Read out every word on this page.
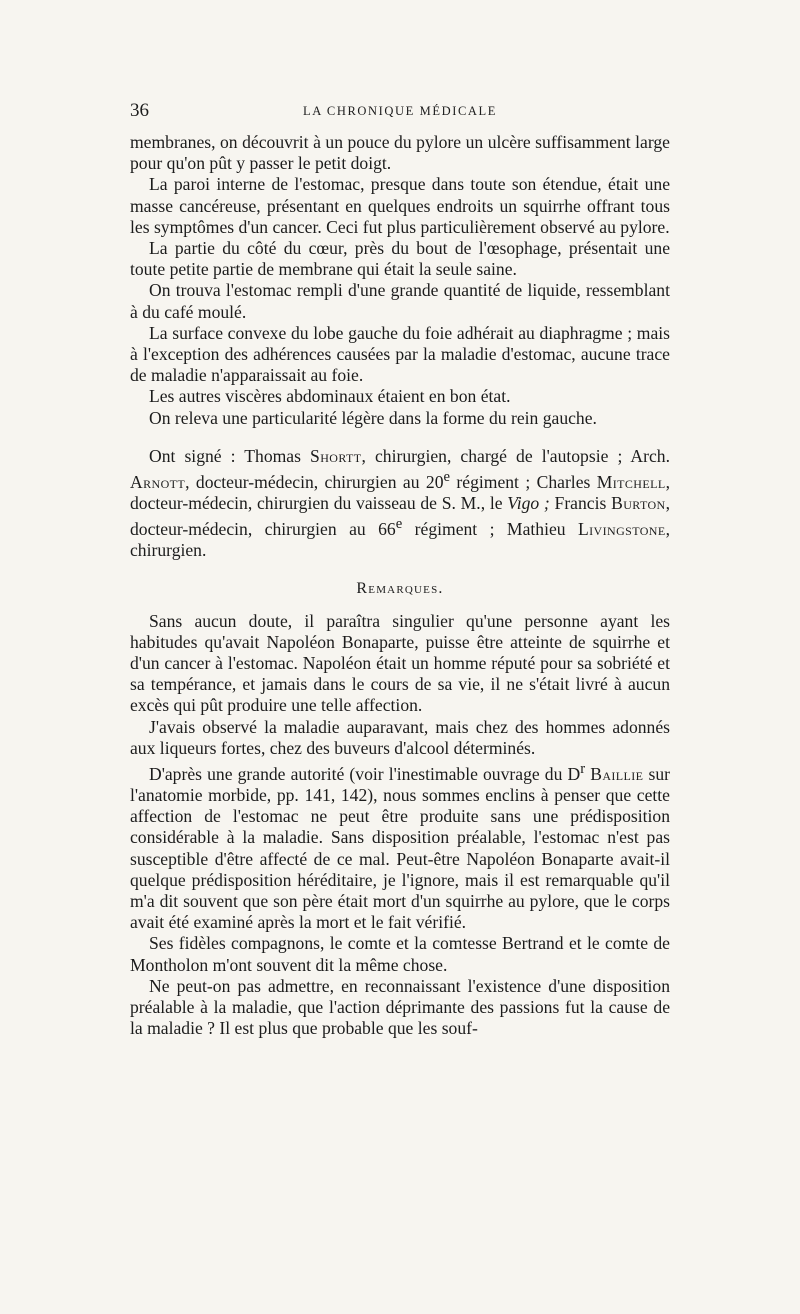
36	LA CHRONIQUE MÉDICALE

membranes, on découvrit à un pouce du pylore un ulcère suffisamment large pour qu'on pût y passer le petit doigt.

La paroi interne de l'estomac, presque dans toute son étendue, était une masse cancéreuse, présentant en quelques endroits un squirrhe offrant tous les symptômes d'un cancer. Ceci fut plus particulièrement observé au pylore.

La partie du côté du cœur, près du bout de l'œsophage, présentait une toute petite partie de membrane qui était la seule saine.

On trouva l'estomac rempli d'une grande quantité de liquide, ressemblant à du café moulé.

La surface convexe du lobe gauche du foie adhérait au diaphragme ; mais à l'exception des adhérences causées par la maladie d'estomac, aucune trace de maladie n'apparaissait au foie.

Les autres viscères abdominaux étaient en bon état.

On releva une particularité légère dans la forme du rein gauche.

Ont signé : Thomas Shortt, chirurgien, chargé de l'autopsie ; Arch. Arnott, docteur-médecin, chirurgien au 20e régiment ; Charles Mitchell, docteur-médecin, chirurgien du vaisseau de S. M., le Vigo ; Francis Burton, docteur-médecin, chirurgien au 66e régiment ; Mathieu Livingstone, chirurgien.

Remarques.

Sans aucun doute, il paraîtra singulier qu'une personne ayant les habitudes qu'avait Napoléon Bonaparte, puisse être atteinte de squirrhe et d'un cancer à l'estomac. Napoléon était un homme réputé pour sa sobriété et sa tempérance, et jamais dans le cours de sa vie, il ne s'était livré à aucun excès qui pût produire une telle affection.

J'avais observé la maladie auparavant, mais chez des hommes adonnés aux liqueurs fortes, chez des buveurs d'alcool déterminés.

D'après une grande autorité (voir l'inestimable ouvrage du $D^r$ Baillie sur l'anatomie morbide, pp. 141, 142), nous sommes enclins à penser que cette affection de l'estomac ne peut être produite sans une prédisposition considérable à la maladie. Sans disposition préalable, l'estomac n'est pas susceptible d'être affecté de ce mal. Peut-être Napoléon Bonaparte avait-il quelque prédisposition héréditaire, je l'ignore, mais il est remarquable qu'il m'a dit souvent que son père était mort d'un squirrhe au pylore, que le corps avait été examiné après la mort et le fait vérifié.

Ses fidèles compagnons, le comte et la comtesse Bertrand et le comte de Montholon m'ont souvent dit la même chose.

Ne peut-on pas admettre, en reconnaissant l'existence d'une disposition préalable à la maladie, que l'action déprimante des passions fut la cause de la maladie ? Il est plus que probable que les souf-
